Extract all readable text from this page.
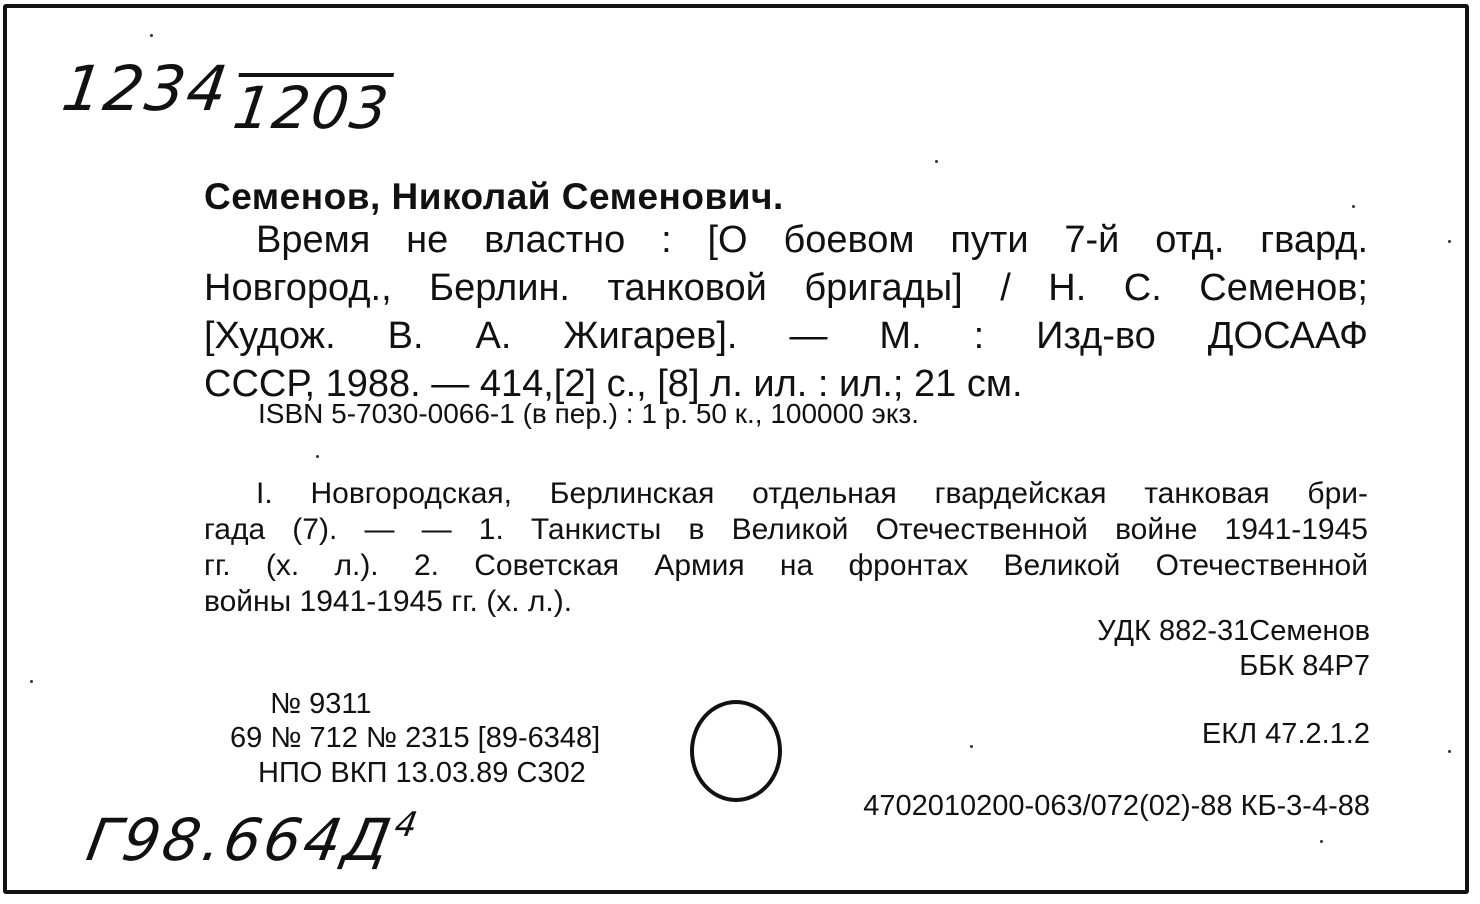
12341203
Семенов, Николай Семенович.
Время не властно : [О боевом пути 7-й отд. гвард.
Новгород., Берлин. танковой бригады] / Н. С. Семенов;
[Худож. В. А. Жигарев]. — М. : Изд-во ДОСААФ
СССР, 1988. — 414,[2] с., [8] л. ил. : ил.; 21 см.
ISBN 5-7030-0066-1 (в пер.) : 1 р. 50 к., 100000 экз.
I. Новгородская, Берлинская отдельная гвардейская танковая бри-
гада (7). — — 1. Танкисты в Великой Отечественной войне 1941-1945
гг. (х. л.). 2. Советская Армия на фронтах Великой Отечественной
войны 1941-1945 гг. (х. л.).
УДК 882-31Семенов
ББК 84Р7
№ 9311
69 № 712 № 2315 [89-6348]
НПО ВКП 13.03.89 С302
ЕКЛ 47.2.1.2
4702010200-063/072(02)-88 КБ-3-4-88
$Г98.664Д^4$
